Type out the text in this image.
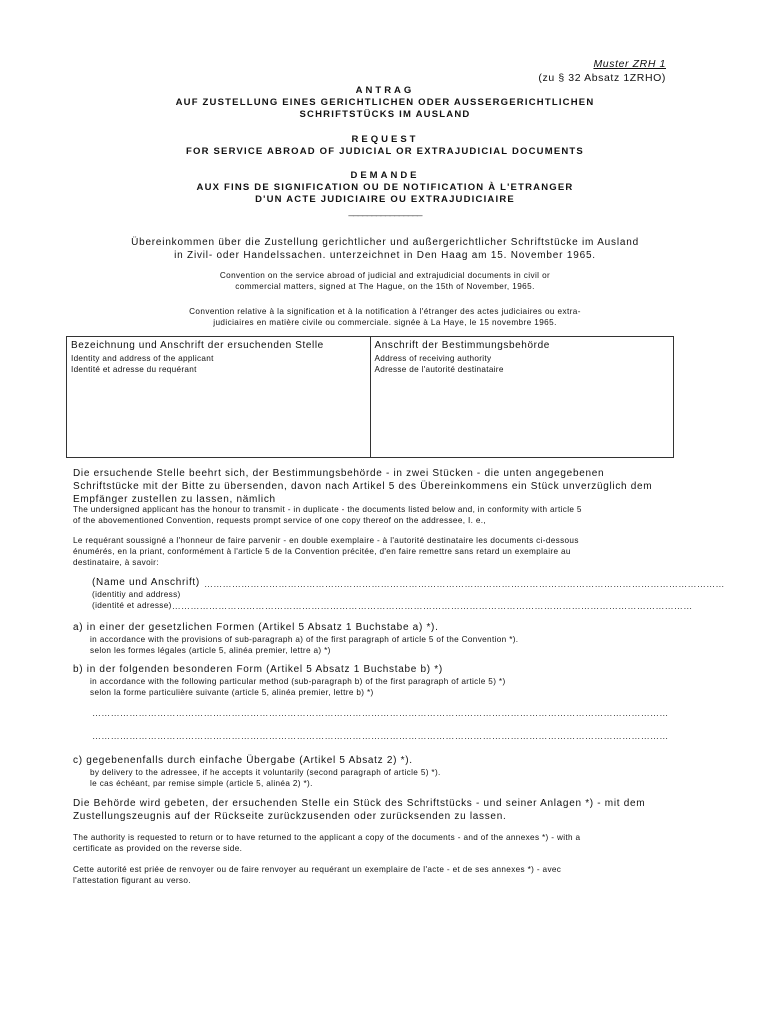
Muster ZRH 1
(zu § 32 Absatz 1ZRHO)
ANTRAG
AUF ZUSTELLUNG EINES GERICHTLICHEN ODER AUSSERGERICHTLICHEN
SCHRIFTSTÜCKS IM AUSLAND
REQUEST
FOR SERVICE ABROAD OF JUDICIAL OR EXTRAJUDICIAL DOCUMENTS
DEMANDE
AUX FINS DE SIGNIFICATION OU DE NOTIFICATION À L'ETRANGER
D'UN ACTE JUDICIAIRE OU EXTRAJUDICIAIRE
________________
Übereinkommen über die Zustellung gerichtlicher und außergerichtlicher Schriftstücke im Ausland
in Zivil- oder Handelssachen. unterzeichnet in Den Haag am 15. November 1965.
Convention on the service abroad of judicial and extrajudicial documents in civil or
commercial matters, signed at The Hague, on the 15th of November, 1965.
Convention relative à la signification et à la notification à l'étranger des actes judiciaires ou extra-
judiciaires en matière civile ou commerciale. signée à La Haye, le 15 novembre 1965.
Bezeichnung und Anschrift der ersuchenden Stelle
Identity and address of the applicant
Identité et adresse du requérant
Anschrift der Bestimmungsbehörde
Address of receiving authority
Adresse de l'autorité destinataire
Die ersuchende Stelle beehrt sich, der Bestimmungsbehörde - in zwei Stücken - die unten angegebenen
Schriftstücke mit der Bitte zu übersenden, davon nach Artikel 5 des Übereinkommens ein Stück unverzüglich dem
Empfänger zustellen zu lassen, nämlich
The undersigned applicant has the honour to transmit - in duplicate - the documents listed below and, in conformity with article 5
of the abovementioned Convention, requests prompt service of one copy thereof on the addressee, I. e.,
Le requérant soussigné a l'honneur de faire parvenir - en double exemplaire - à l'autorité destinataire les documents ci-dessous
énumérés, en la priant, conformément à l'article 5 de la Convention précitée, d'en faire remettre sans retard un exemplaire au
destinataire, à savoir:
(Name und Anschrift) ……………………………………………………………………………………………………………………………………………………
(identitiy and address)
(identité et adresse) ……………………………………………………………………………………………………………………………………………………
a) in einer der gesetzlichen Formen (Artikel 5 Absatz 1 Buchstabe a) *).
in accordance with the provisions of sub-paragraph a) of the first paragraph of article 5 of the Convention *).
selon les formes légales (article 5, alinéa premier, lettre a) *)
b) in der folgenden besonderen Form (Artikel 5 Absatz 1 Buchstabe b) *)
in accordance with the following particular method (sub-paragraph b) of the first paragraph of article 5) *)
selon la forme particulière suivante (article 5, alinéa premier, lettre b) *)
……………………………………………………………………………………………………………………………………………………………………
……………………………………………………………………………………………………………………………………………………………………
c) gegebenenfalls durch einfache Übergabe (Artikel 5 Absatz 2) *).
by delivery to the adressee, if he accepts it voluntarily (second paragraph of article 5) *).
le cas échéant, par remise simple (article 5, alinéa 2) *).
Die Behörde wird gebeten, der ersuchenden Stelle ein Stück des Schriftstücks - und seiner Anlagen *) - mit dem
Zustellungszeugnis auf der Rückseite zurückzusenden oder zurücksenden zu lassen.
The authority is requested to return or to have returned to the applicant a copy of the documents - and of the annexes *) - with a
certificate as provided on the reverse side.
Cette autorité est priée de renvoyer ou de faire renvoyer au requérant un exemplaire de l'acte - et de ses annexes *) - avec
l'attestation figurant au verso.
